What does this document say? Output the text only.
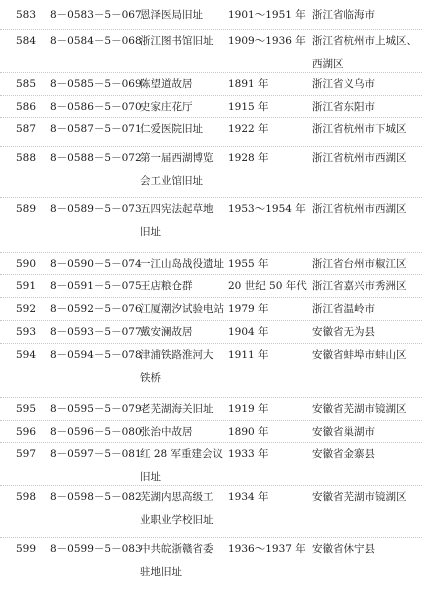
583 8－0583－5－067
恩泽医局旧址 1901～1951 年 浙江省临海市
584 8－0584－5－068
浙江图书馆旧址 1909～1936 年 浙江省杭州市上城区、
西湖区
585 8－0585－5－069
陈望道故居	1891 年	浙江省义乌市
586 8－0586－5－070
史家庄花厅	1915 年	浙江省东阳市
587 8－0587－5－071
仁爱医院旧址 1922 年	浙江省杭州市下城区
588 8－0588－5－072
第一届西湖博览
会工业馆旧址
1928 年	浙江省杭州市西湖区
589 8－0589－5－073
五四宪法起草地
旧址
1953～1954 年 浙江省杭州市西湖区
590 8－0590－5－074
一江山岛战役遗址 1955 年	浙江省台州市椒江区
591 8－0591－5－075
王店粮仓群	20 世纪 50 年代 浙江省嘉兴市秀洲区
592 8－0592－5－076
江厦潮汐试验电站 1979 年	浙江省温岭市
593 8－0593－5－077
戴安澜故居	1904 年	安徽省无为县
594 8－0594－5－078
津浦铁路淮河大
铁桥
1911 年	安徽省蚌埠市蚌山区
595 8－0595－5－079
老芜湖海关旧址 1919 年	安徽省芜湖市镜湖区
596 8－0596－5－080
张治中故居	1890 年	安徽省巢湖市
597 8－0597－5－081
红 28 军重建会议
旧址
1933 年	安徽省金寨县
598 8－0598－5－082
芜湖内思高级工
业职业学校旧址
1934 年	安徽省芜湖市镜湖区
599 8－0599－5－083
中共皖浙赣省委
驻地旧址
1936～1937 年 安徽省休宁县
